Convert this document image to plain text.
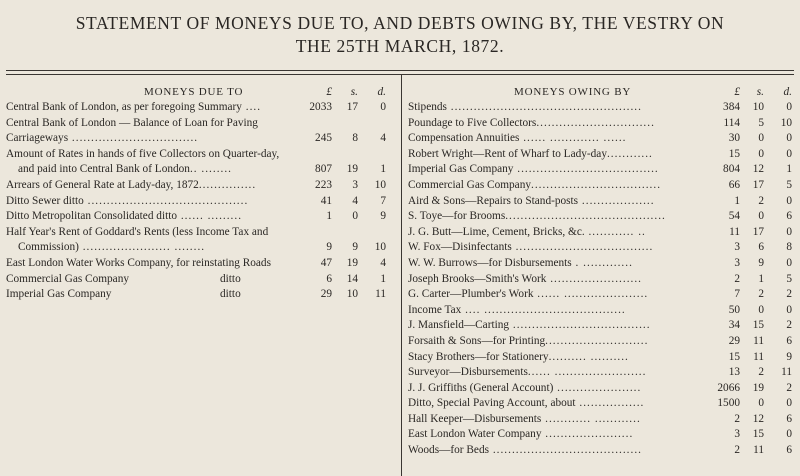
STATEMENT OF MONEYS DUE TO, AND DEBTS OWING BY, THE VESTRY ON
THE 25TH MARCH, 1872.
MONEYS DUE TO	£	s.	d.
Central Bank of London, as per foregoing Summary ....	2033	17	0
Central Bank of London — Balance of Loan for Paving
Carriageways .................................	245	8	4
Amount of Rates in hands of five Collectors on Quarter-day,
and paid into Central Bank of London.. ........	807	19	1
Arrears of General Rate at Lady-day, 1872...............	223	3	10
Ditto Sewer ditto ..........................................	41	4	7
Ditto Metropolitan Consolidated ditto ...... .........	1	0	9
Half Year's Rent of Goddard's Rents (less Income Tax and
Commission) ....................... ........	9	9	10
East London Water Works Company, for reinstating Roads	47	19	4
Commercial Gas Company	ditto	6	14	1
Imperial Gas Company	ditto	29	10	11
MONEYS OWING BY	£	s.	d.
Stipends ..................................................	384	10	0
Poundage to Five Collectors...............................	114	5	10
Compensation Annuities ...... ............. ......	30	0	0
Robert Wright—Rent of Wharf to Lady-day............	15	0	0
Imperial Gas Company .....................................	804	12	1
Commercial Gas Company..................................	66	17	5
Aird & Sons—Repairs to Stand-posts ...................	1	2	0
S. Toye—for Brooms..........................................	54	0	6
J. G. Butt—Lime, Cement, Bricks, &c. ............ ..	11	17	0
W. Fox—Disinfectants ....................................	3	6	8
W. W. Burrows—for Disbursements . .............	3	9	0
Joseph Brooks—Smith's Work ........................	2	1	5
G. Carter—Plumber's Work ...... ......................	7	2	2
Income Tax .... .....................................	50	0	0
J. Mansfield—Carting ....................................	34	15	2
Forsaith & Sons—for Printing...........................	29	11	6
Stacy Brothers—for Stationery.......... ..........	15	11	9
Surveyor—Disbursements...... ........................	13	2	11
J. J. Griffiths (General Account) ......................	2066	19	2
Ditto, Special Paving Account, about .................	1500	0	0
Hall Keeper—Disbursements ............ ............	2	12	6
East London Water Company .......................	3	15	0
Woods—for Beds .......................................	2	11	6
